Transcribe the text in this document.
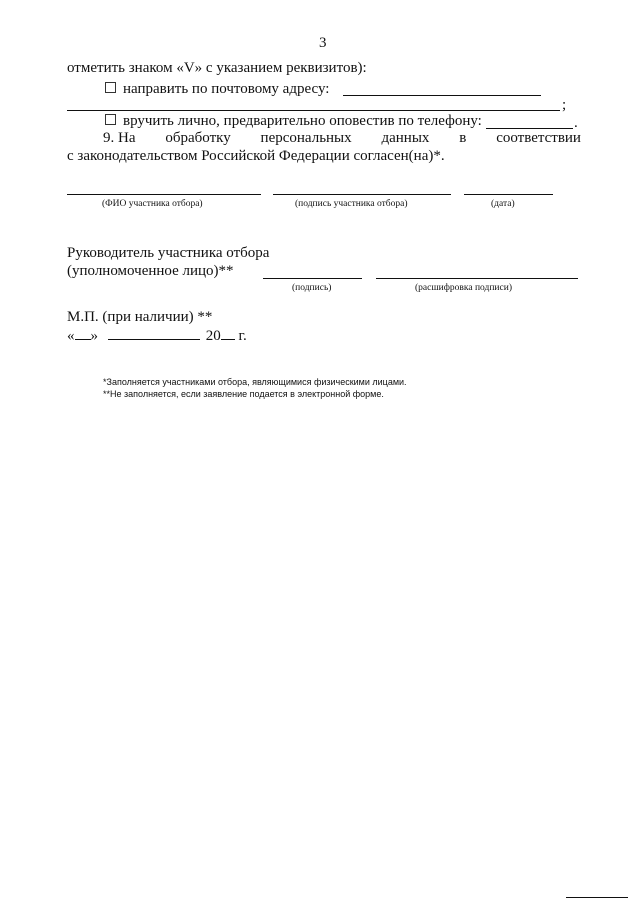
3
отметить знаком «V» с указанием реквизитов):
направить по почтовому адресу:
;
вручить лично, предварительно оповестив по телефону:	.
9. На обработку персональных данных в соответствии
с законодательством Российской Федерации согласен(на)*.
(ФИО участника отбора)	(подпись участника отбора)	(дата)
Руководитель участника отбора
(уполномоченное лицо)**
(подпись)	(расшифровка подписи)
М.П. (при наличии) **
« »	20 г.
*Заполняется участниками отбора, являющимися физическими лицами.
**Не заполняется, если заявление подается в электронной форме.
